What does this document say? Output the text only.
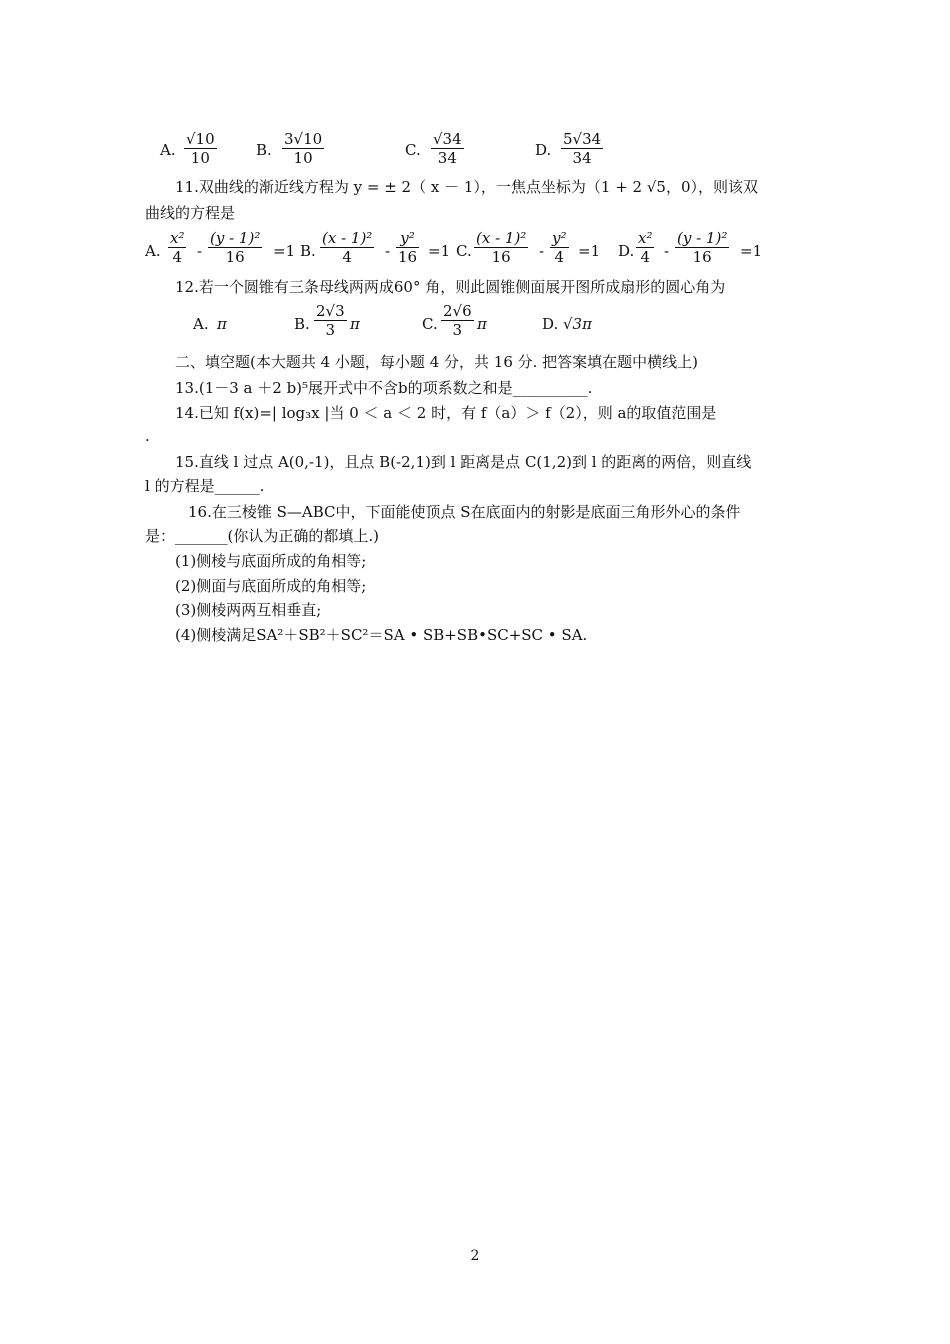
A. $\frac{√10}{10}$	B. $\frac{3√10}{10}$	C. $\frac{√34}{34}$	D. $\frac{5√34}{34}$
11.双曲线的渐近线方程为 y = ± 2（ x － 1），一焦点坐标为（1 + 2 √5，0），则该双
曲线的方程是
A. $\frac{\text{x²}}{4} - \frac{\text{(y - 1)²}}{16} =1$ B. $\frac{\text{(x - 1)²}}{4} - \frac{\text{y²}}{16} =1$ C. $\frac{\text{(x - 1)²}}{16} - \frac{\text{y²}}{4} =1$ D. $\frac{\text{x²}}{4} - \frac{\text{(y - 1)²}}{16} =1$
12.若一个圆锥有三条母线两两成60° 角，则此圆锥侧面展开图所成扇形的圆心角为
A. π	B. $\frac{2√3}{3}$ π	C. $\frac{2√6}{3}$ π	D. √3π
二、填空题(本大题共 4 小题，每小题 4 分，共 16 分. 把答案填在题中横线上)
13.(1－3 a ＋2 b)⁵展开式中不含b的项系数之和是__________.
14.已知 f(x)=| log₃x |当 0 ＜ a ＜ 2 时，有 f（a）＞ f（2），则 a的取值范围是
.
15.直线 l 过点 A(0,-1)，且点 B(-2,1)到 l 距离是点 C(1,2)到 l 的距离的两倍，则直线
l 的方程是______.
16.在三棱锥 S—ABC中，下面能使顶点 S在底面内的射影是底面三角形外心的条件
是：_______(你认为正确的都填上.)
(1)侧棱与底面所成的角相等;
(2)侧面与底面所成的角相等;
(3)侧棱两两互相垂直;
(4)侧棱满足SA²＋SB²＋SC²＝SA • SB+SB•SC+SC • SA.
2
